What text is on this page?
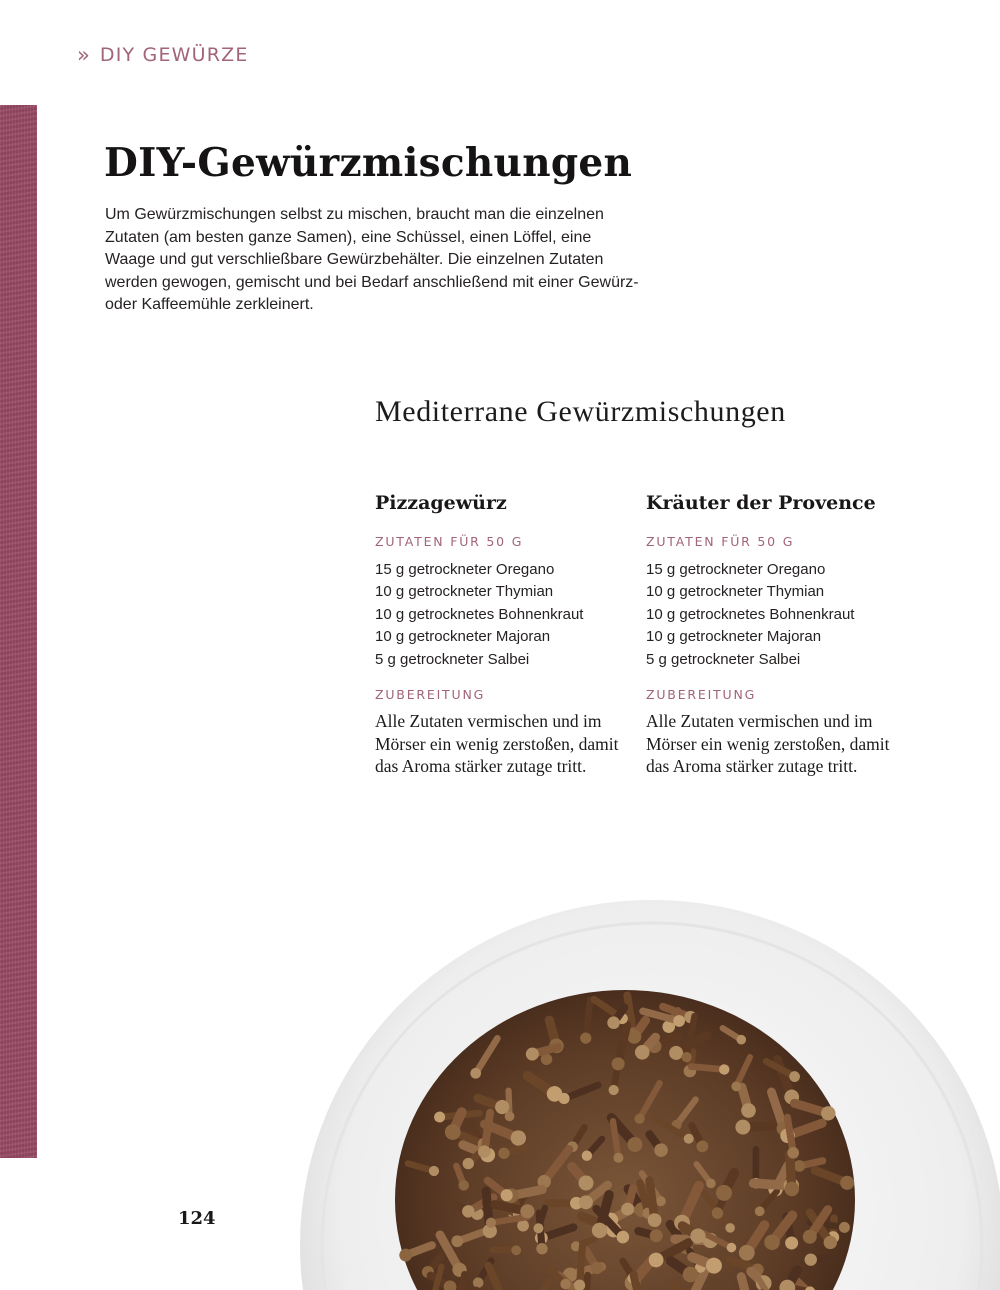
» DIY GEWÜRZE
DIY-Gewürzmischungen

Um Gewürzmischungen selbst zu mischen, braucht man die einzelnen Zutaten (am besten ganze Samen), eine Schüssel, einen Löffel, eine Waage und gut verschließbare Gewürzbehälter. Die einzelnen Zutaten werden gewogen, gemischt und bei Bedarf anschließend mit einer Gewürz- oder Kaffeemühle zerkleinert.

Mediterrane Gewürzmischungen
Pizzagewürz
ZUTATEN FÜR 50 G
15 g getrockneter Oregano
10 g getrockneter Thymian
10 g getrocknetes Bohnenkraut
10 g getrockneter Majoran
5 g getrockneter Salbei
ZUBEREITUNG

Alle Zutaten vermischen und im Mörser ein wenig zerstoßen, damit das Aroma stärker zutage tritt.

Kräuter der Provence
ZUTATEN FÜR 50 G
15 g getrockneter Oregano
10 g getrockneter Thymian
10 g getrocknetes Bohnenkraut
10 g getrockneter Majoran
5 g getrockneter Salbei
ZUBEREITUNG

Alle Zutaten vermischen und im Mörser ein wenig zerstoßen, damit das Aroma stärker zutage tritt.

124
